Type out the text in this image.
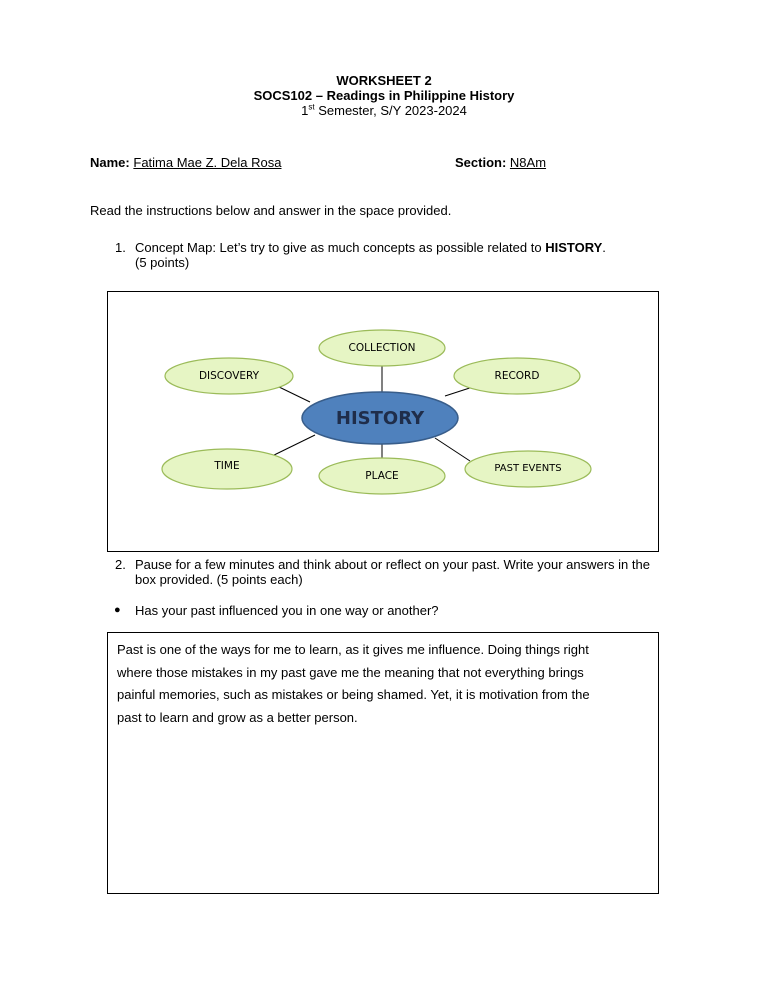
WORKSHEET 2
SOCS102 – Readings in Philippine History
1st Semester, S/Y 2023-2024
Name: Fatima Mae Z. Dela Rosa	Section: N8Am
Read the instructions below and answer in the space provided.
1. Concept Map: Let’s try to give as much concepts as possible related to HISTORY.
(5 points)
COLLECTION
DISCOVERY	RECORD
TIME
PLACE
PAST EVENTS
HISTORY
2. Pause for a few minutes and think about or reflect on your past. Write your answers in the
box provided. (5 points each)
● Has your past influenced you in one way or another?
Past is one of the ways for me to learn, as it gives me influence. Doing things right
where those mistakes in my past gave me the meaning that not everything brings
painful memories, such as mistakes or being shamed. Yet, it is motivation from the
past to learn and grow as a better person.
